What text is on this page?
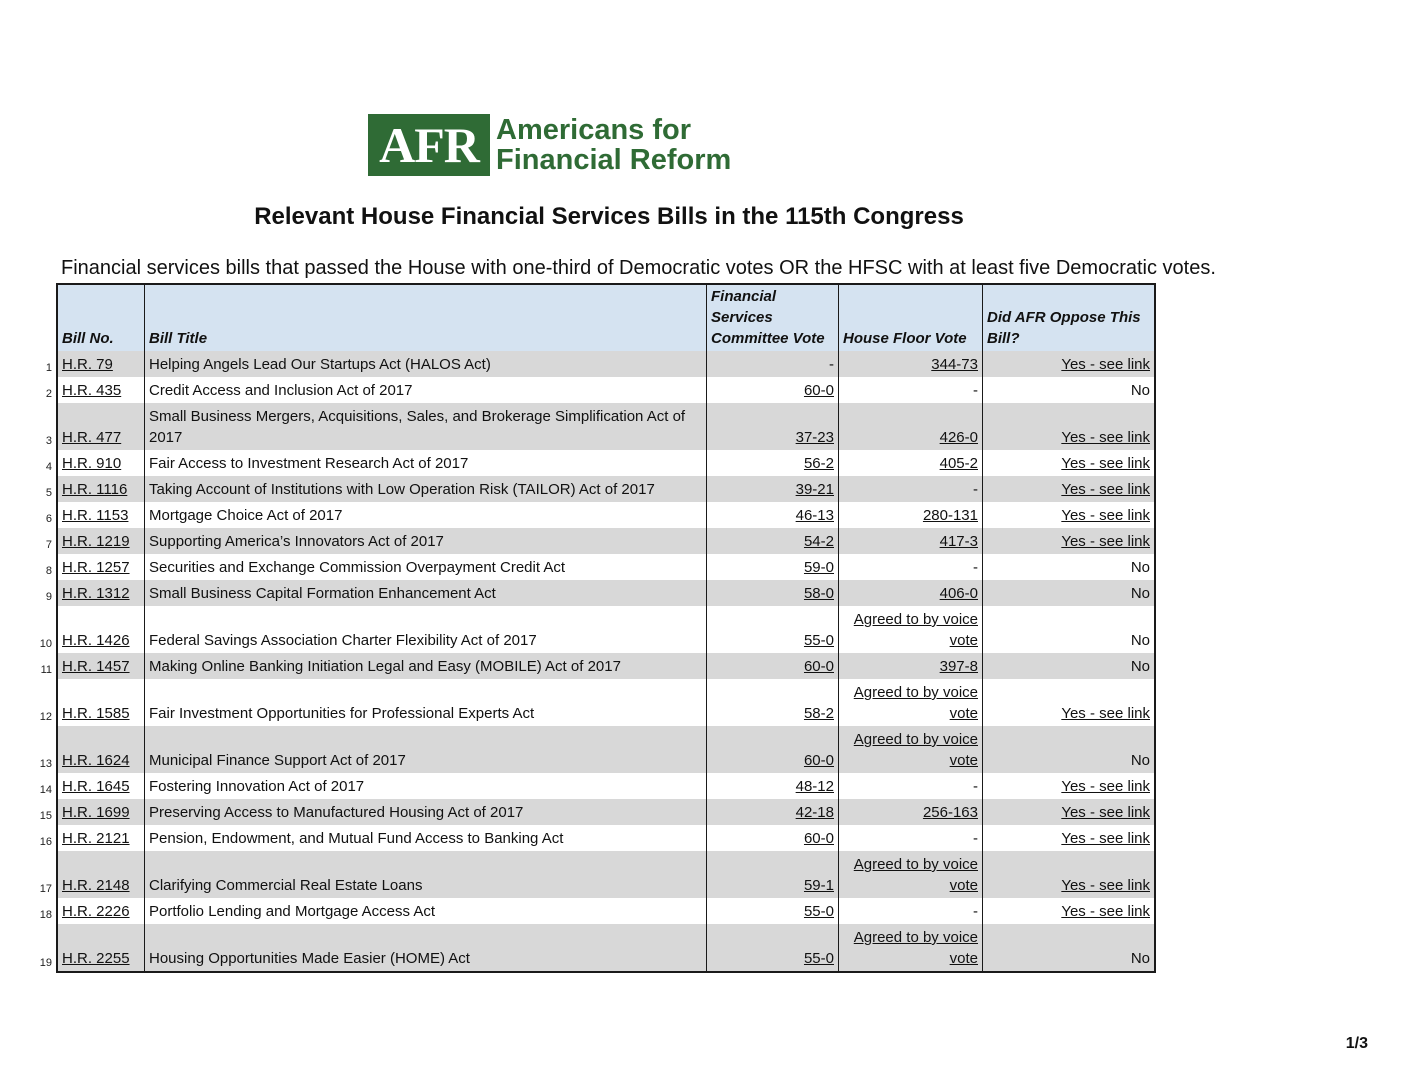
AFR Americans for
Financial Reform
Relevant House Financial Services Bills in the 115th Congress
Financial services bills that passed the House with one-third of Democratic votes OR the HFSC with at least five Democratic votes.
	Bill No.	Bill Title	Financial Services Committee Vote	House Floor Vote	Did AFR Oppose This Bill?
1	H.R. 79	Helping Angels Lead Our Startups Act (HALOS Act)	-	344-73	Yes - see link
2	H.R. 435	Credit Access and Inclusion Act of 2017	60-0	-	No
3	H.R. 477	Small Business Mergers, Acquisitions, Sales, and Brokerage Simplification Act of 2017	37-23	426-0	Yes - see link
4	H.R. 910	Fair Access to Investment Research Act of 2017	56-2	405-2	Yes - see link
5	H.R. 1116	Taking Account of Institutions with Low Operation Risk (TAILOR) Act of 2017	39-21	-	Yes - see link
6	H.R. 1153	Mortgage Choice Act of 2017	46-13	280-131	Yes - see link
7	H.R. 1219	Supporting America’s Innovators Act of 2017	54-2	417-3	Yes - see link
8	H.R. 1257	Securities and Exchange Commission Overpayment Credit Act	59-0	-	No
9	H.R. 1312	Small Business Capital Formation Enhancement Act	58-0	406-0	No
10	H.R. 1426	Federal Savings Association Charter Flexibility Act of 2017	55-0	Agreed to by voice vote	No
11	H.R. 1457	Making Online Banking Initiation Legal and Easy (MOBILE) Act of 2017	60-0	397-8	No
12	H.R. 1585	Fair Investment Opportunities for Professional Experts Act	58-2	Agreed to by voice vote	Yes - see link
13	H.R. 1624	Municipal Finance Support Act of 2017	60-0	Agreed to by voice vote	No
14	H.R. 1645	Fostering Innovation Act of 2017	48-12	-	Yes - see link
15	H.R. 1699	Preserving Access to Manufactured Housing Act of 2017	42-18	256-163	Yes - see link
16	H.R. 2121	Pension, Endowment, and Mutual Fund Access to Banking Act	60-0	-	Yes - see link
17	H.R. 2148	Clarifying Commercial Real Estate Loans	59-1	Agreed to by voice vote	Yes - see link
18	H.R. 2226	Portfolio Lending and Mortgage Access Act	55-0	-	Yes - see link
19	H.R. 2255	Housing Opportunities Made Easier (HOME) Act	55-0	Agreed to by voice vote	No
1/3
